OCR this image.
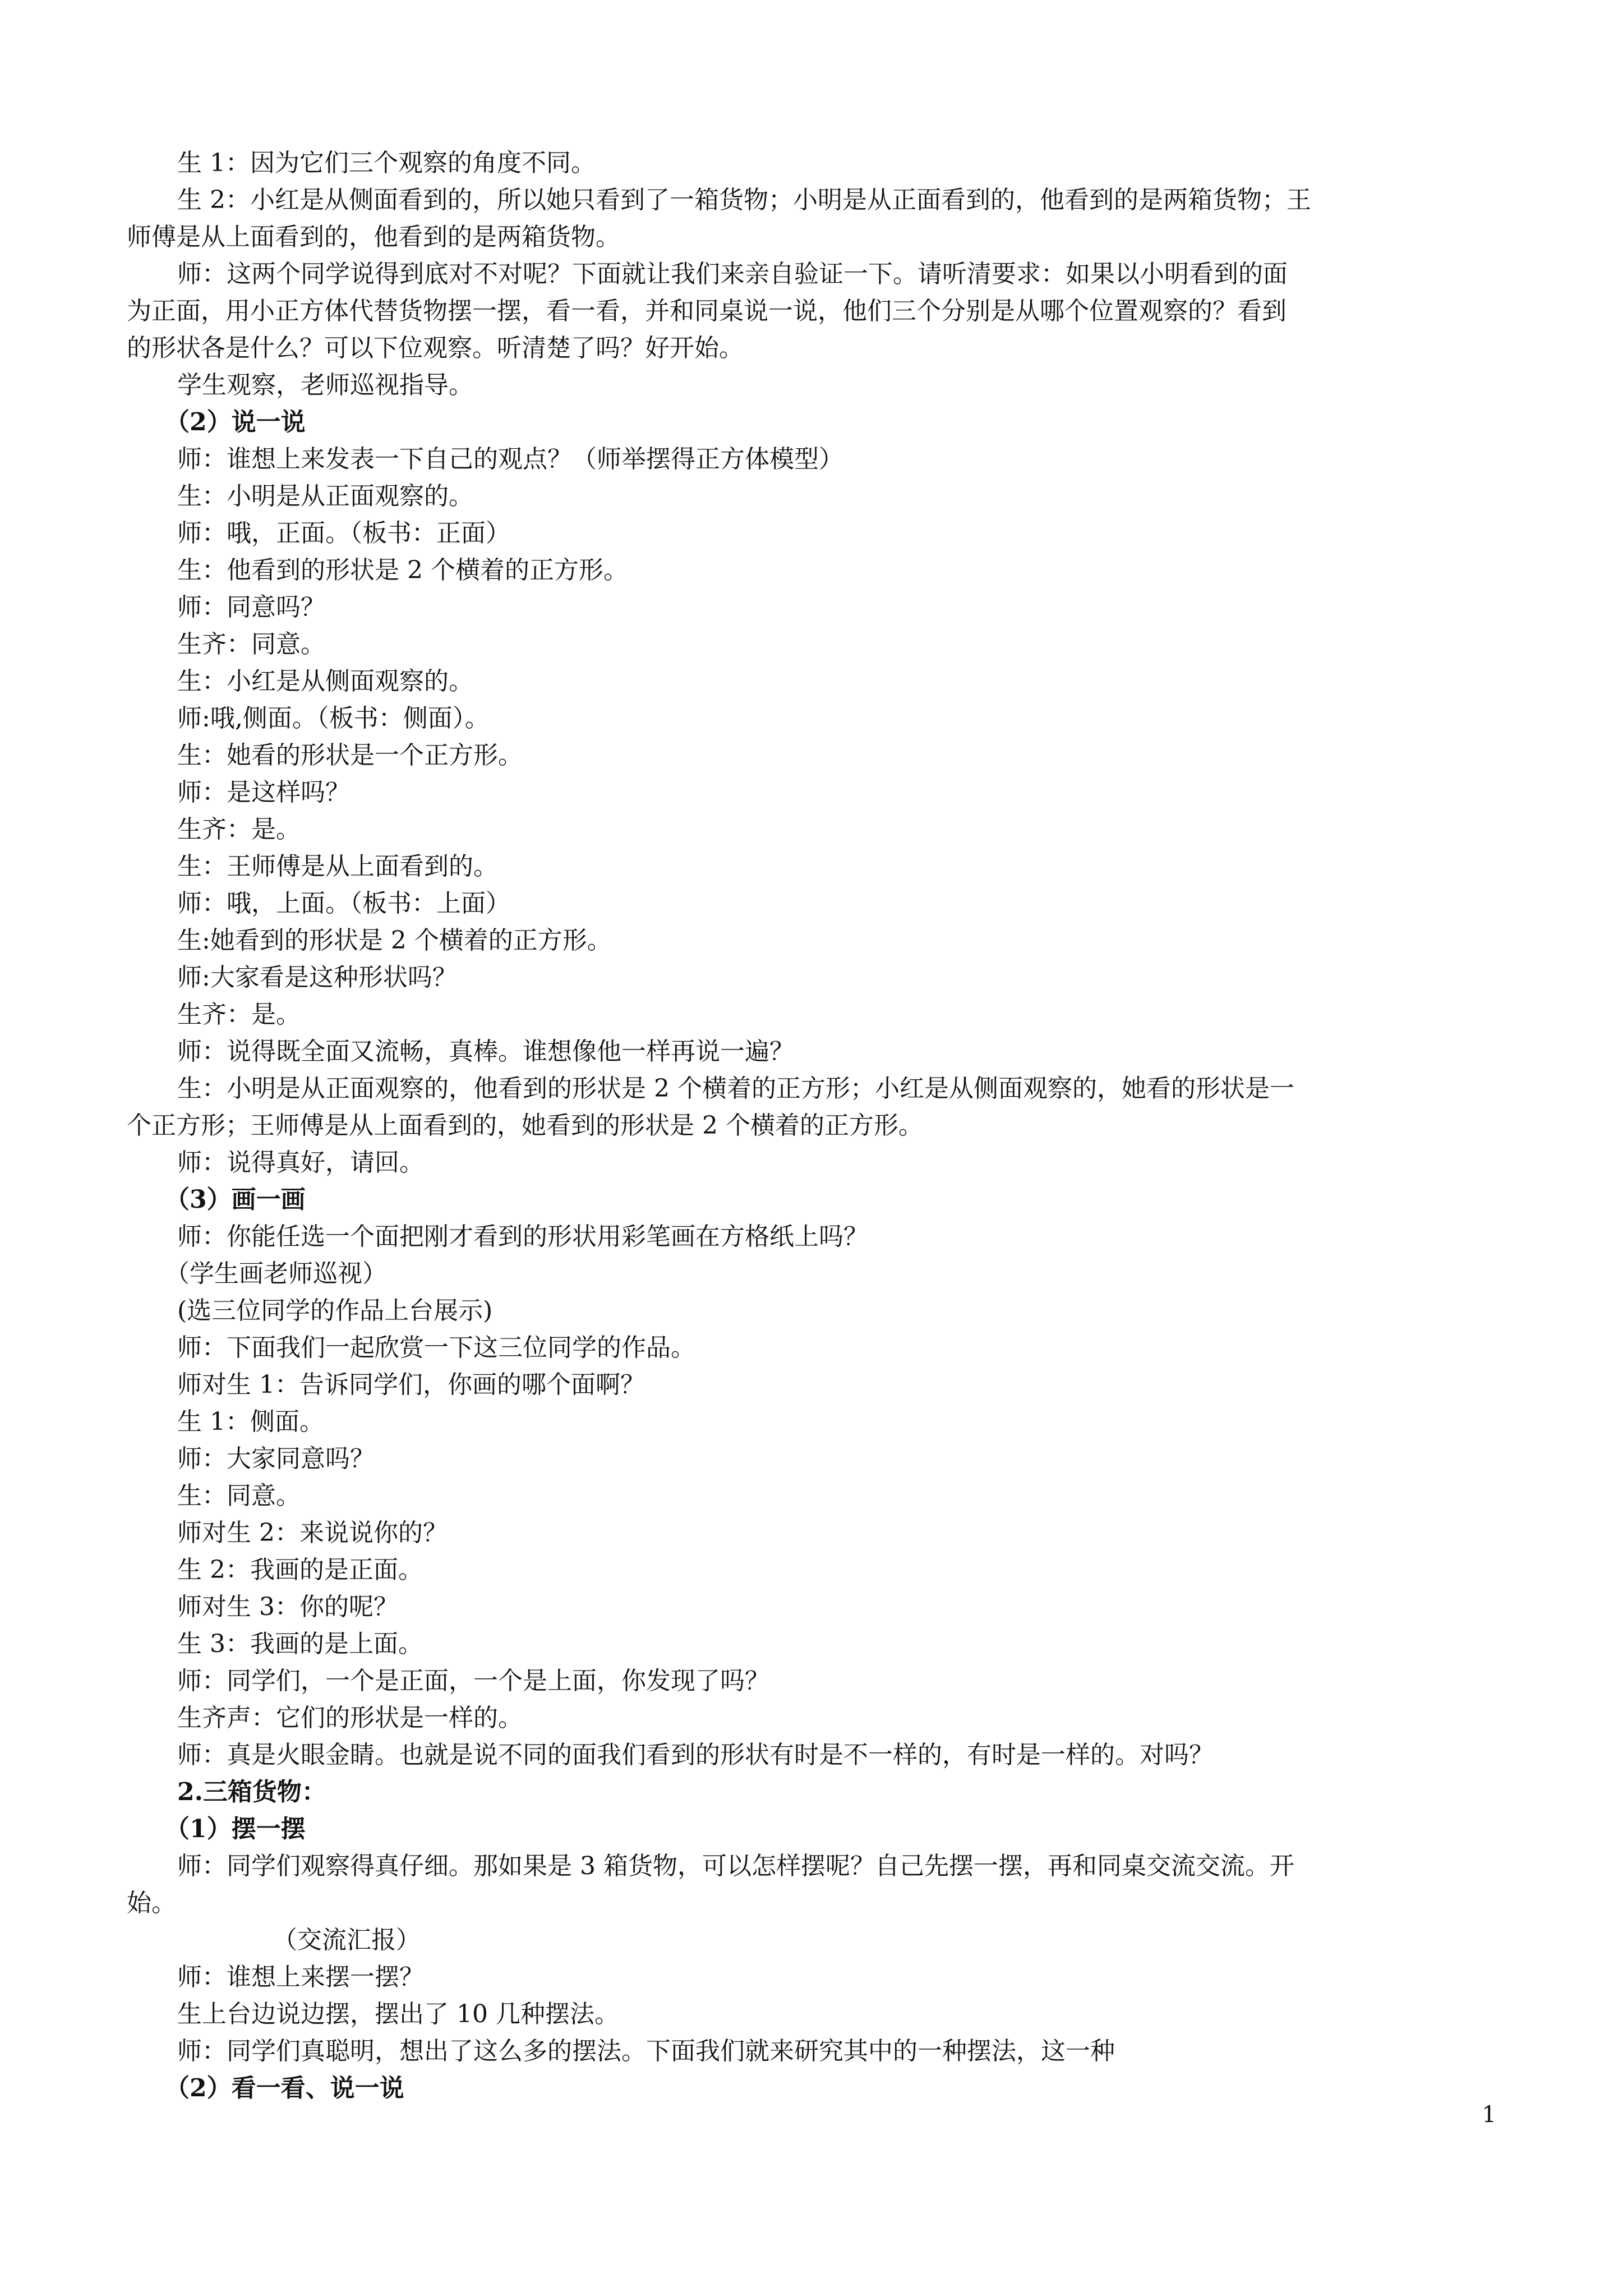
生 1：因为它们三个观察的角度不同。

生 2：小红是从侧面看到的，所以她只看到了一箱货物；小明是从正面看到的，他看到的是两箱货物；王

师傅是从上面看到的，他看到的是两箱货物。

师：这两个同学说得到底对不对呢？下面就让我们来亲自验证一下。请听清要求：如果以小明看到的面

为正面，用小正方体代替货物摆一摆，看一看，并和同桌说一说，他们三个分别是从哪个位置观察的？看到

的形状各是什么？可以下位观察。听清楚了吗？好开始。

学生观察，老师巡视指导。

（2）说一说

师：谁想上来发表一下自己的观点？（师举摆得正方体模型）

生：小明是从正面观察的。

师：哦，正面。（板书：正面）

生：他看到的形状是 2 个横着的正方形。

师：同意吗？

生齐：同意。

生：小红是从侧面观察的。

师:哦,侧面。（板书：侧面）。

生：她看的形状是一个正方形。

师：是这样吗？

生齐：是。

生：王师傅是从上面看到的。

师：哦，上面。（板书：上面）

生:她看到的形状是 2 个横着的正方形。

师:大家看是这种形状吗？

生齐：是。

师：说得既全面又流畅，真棒。谁想像他一样再说一遍？

生：小明是从正面观察的，他看到的形状是 2 个横着的正方形；小红是从侧面观察的，她看的形状是一

个正方形；王师傅是从上面看到的，她看到的形状是 2 个横着的正方形。

师：说得真好，请回。

（3）画一画

师：你能任选一个面把刚才看到的形状用彩笔画在方格纸上吗？

（学生画老师巡视）

(选三位同学的作品上台展示)

师：下面我们一起欣赏一下这三位同学的作品。

师对生 1：告诉同学们，你画的哪个面啊？

生 1：侧面。

师：大家同意吗？

生：同意。

师对生 2：来说说你的？

生 2：我画的是正面。

师对生 3：你的呢？

生 3：我画的是上面。

师：同学们，一个是正面，一个是上面，你发现了吗？

生齐声：它们的形状是一样的。

师：真是火眼金睛。也就是说不同的面我们看到的形状有时是不一样的，有时是一样的。对吗？

2.三箱货物：

（1）摆一摆

师：同学们观察得真仔细。那如果是 3 箱货物，可以怎样摆呢？自己先摆一摆，再和同桌交流交流。开

始。

（交流汇报）

师：谁想上来摆一摆？

生上台边说边摆，摆出了 10 几种摆法。

师：同学们真聪明，想出了这么多的摆法。下面我们就来研究其中的一种摆法，这一种

（2）看一看、说一说

1
